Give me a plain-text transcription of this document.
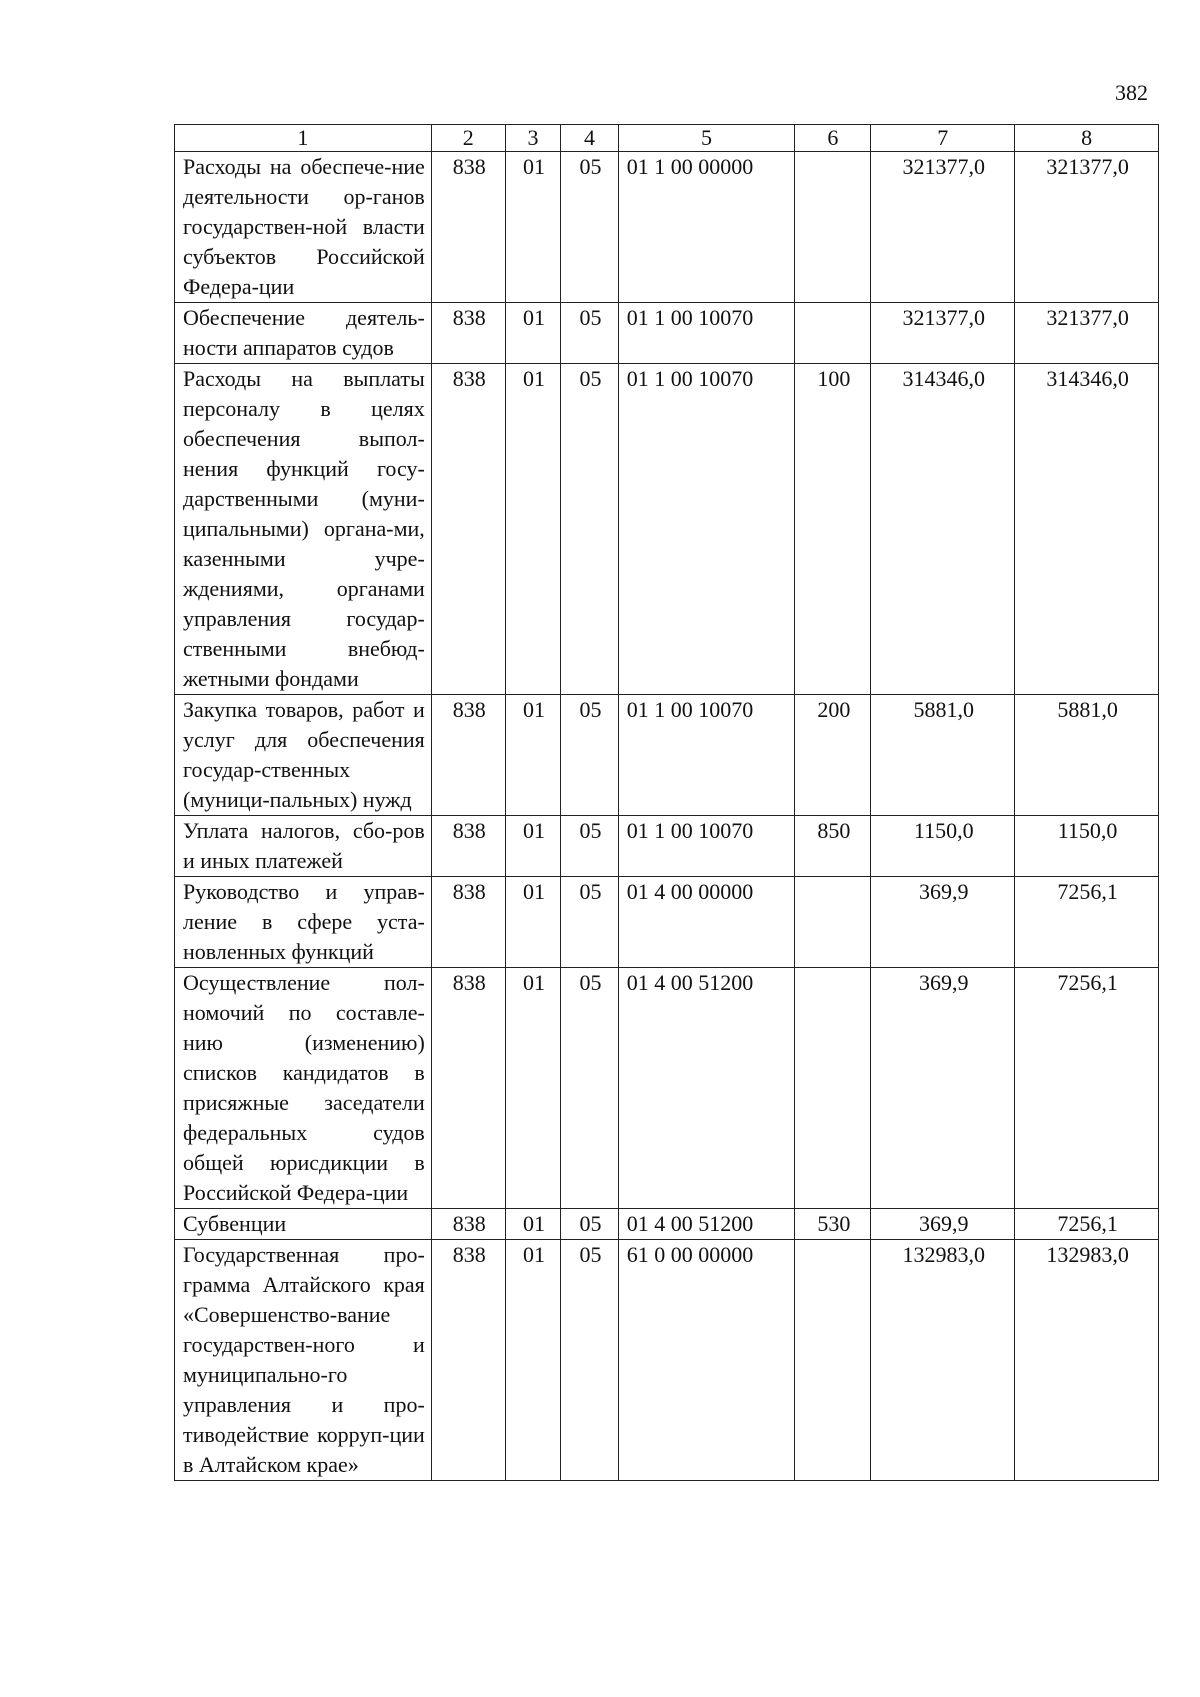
382
1	2	3	4	5	6	7	8
Расходы на обеспече-ние деятельности ор-ганов государствен-ной власти субъектов Российской Федера-ции	838	01	05	01 1 00 00000		321377,0	321377,0
Обеспечение деятель-ности аппаратов судов	838	01	05	01 1 00 10070		321377,0	321377,0
Расходы на выплаты персоналу в целях обеспечения выпол-нения функций госу-дарственными (муни-ципальными) органа-ми, казенными учре-ждениями, органами управления государ-ственными внебюд-жетными фондами	838	01	05	01 1 00 10070	100	314346,0	314346,0
Закупка товаров, работ и услуг для обеспечения государ-ственных (муници-пальных) нужд	838	01	05	01 1 00 10070	200	5881,0	5881,0
Уплата налогов, сбо-ров и иных платежей	838	01	05	01 1 00 10070	850	1150,0	1150,0
Руководство и управ-ление в сфере уста-новленных функций	838	01	05	01 4 00 00000		369,9	7256,1
Осуществление пол-номочий по составле-нию (изменению) списков кандидатов в присяжные заседатели федеральных судов общей юрисдикции в Российской Федера-ции	838	01	05	01 4 00 51200		369,9	7256,1
Субвенции	838	01	05	01 4 00 51200	530	369,9	7256,1
Государственная про-грамма Алтайского края «Совершенство-вание государствен-ного и муниципально-го управления и про-тиводействие корруп-ции в Алтайском крае»	838	01	05	61 0 00 00000		132983,0	132983,0
